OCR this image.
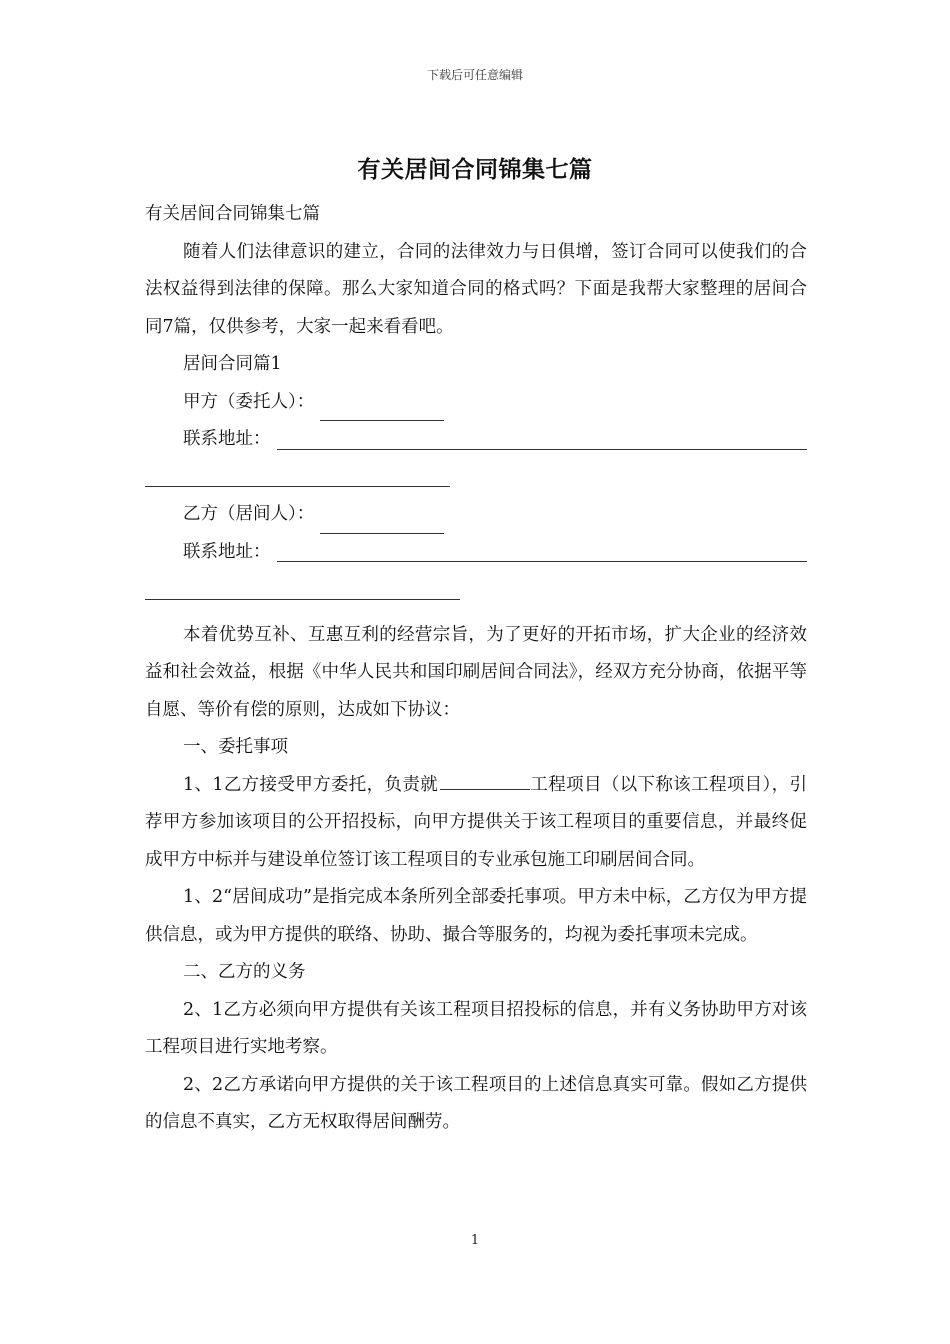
下载后可任意编辑
有关居间合同锦集七篇

有关居间合同锦集七篇

随着人们法律意识的建立，合同的法律效力与日俱增，签订合同可以使我们的合法权益得到法律的保障。那么大家知道合同的格式吗？下面是我帮大家整理的居间合同7篇，仅供参考，大家一起来看看吧。

居间合同篇1

甲方（委托人）：
联系地址：
乙方（居间人）：
联系地址：

本着优势互补、互惠互利的经营宗旨，为了更好的开拓市场，扩大企业的经济效益和社会效益，根据《中华人民共和国印刷居间合同法》，经双方充分协商，依据平等自愿、等价有偿的原则，达成如下协议：

一、委托事项

1、1乙方接受甲方委托，负责就	工程项目（以下称该工程项目），引荐甲方参加该项目的公开招投标，向甲方提供关于该工程项目的重要信息，并最终促成甲方中标并与建设单位签订该工程项目的专业承包施工印刷居间合同。

1、2“居间成功”是指完成本条所列全部委托事项。甲方未中标，乙方仅为甲方提供信息，或为甲方提供的联络、协助、撮合等服务的，均视为委托事项未完成。

二、乙方的义务

2、1乙方必须向甲方提供有关该工程项目招投标的信息，并有义务协助甲方对该工程项目进行实地考察。

2、2乙方承诺向甲方提供的关于该工程项目的上述信息真实可靠。假如乙方提供的信息不真实，乙方无权取得居间酬劳。

1
